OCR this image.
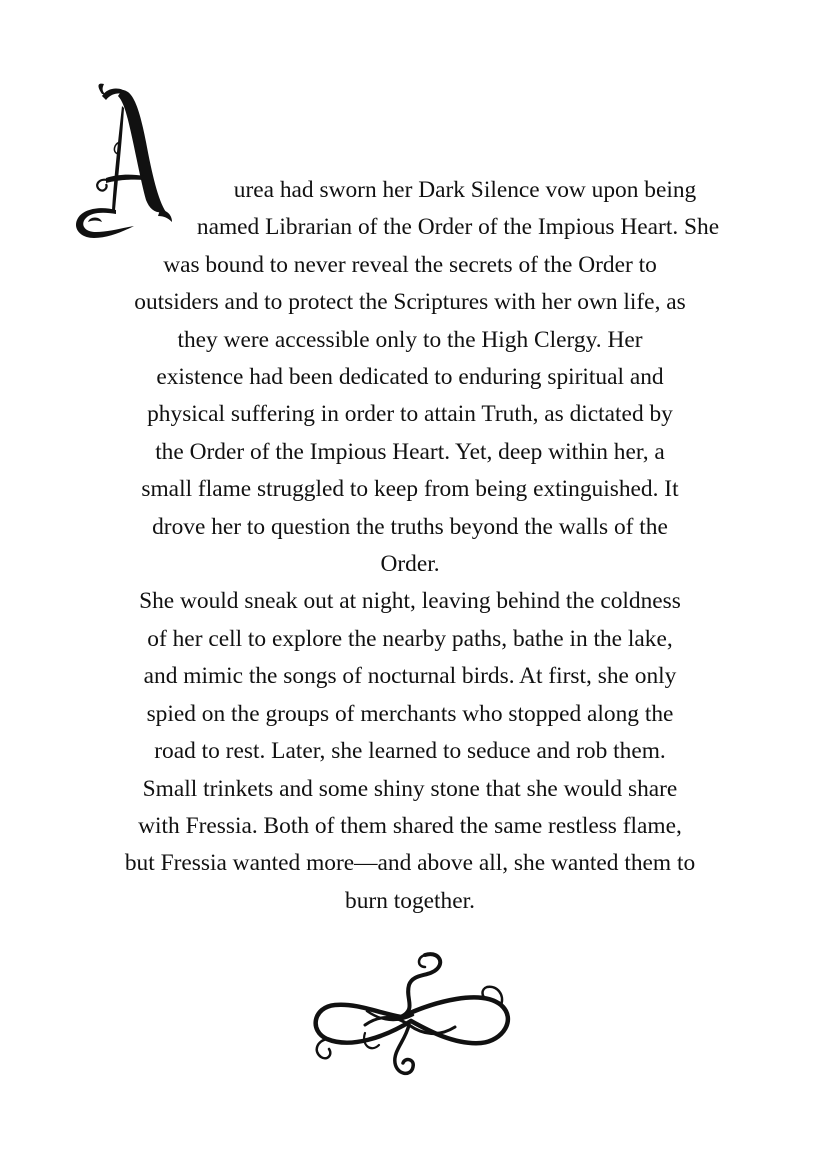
urea had sworn her Dark Silence vow upon being
named Librarian of the Order of the Impious Heart. She
was bound to never reveal the secrets of the Order to
outsiders and to protect the Scriptures with her own life, as
they were accessible only to the High Clergy. Her
existence had been dedicated to enduring spiritual and
physical suffering in order to attain Truth, as dictated by
the Order of the Impious Heart. Yet, deep within her, a
small flame struggled to keep from being extinguished. It
drove her to question the truths beyond the walls of the
Order.
She would sneak out at night, leaving behind the coldness
of her cell to explore the nearby paths, bathe in the lake,
and mimic the songs of nocturnal birds. At first, she only
spied on the groups of merchants who stopped along the
road to rest. Later, she learned to seduce and rob them.
Small trinkets and some shiny stone that she would share
with Fressia. Both of them shared the same restless flame,
but Fressia wanted more—and above all, she wanted them to
burn together.
